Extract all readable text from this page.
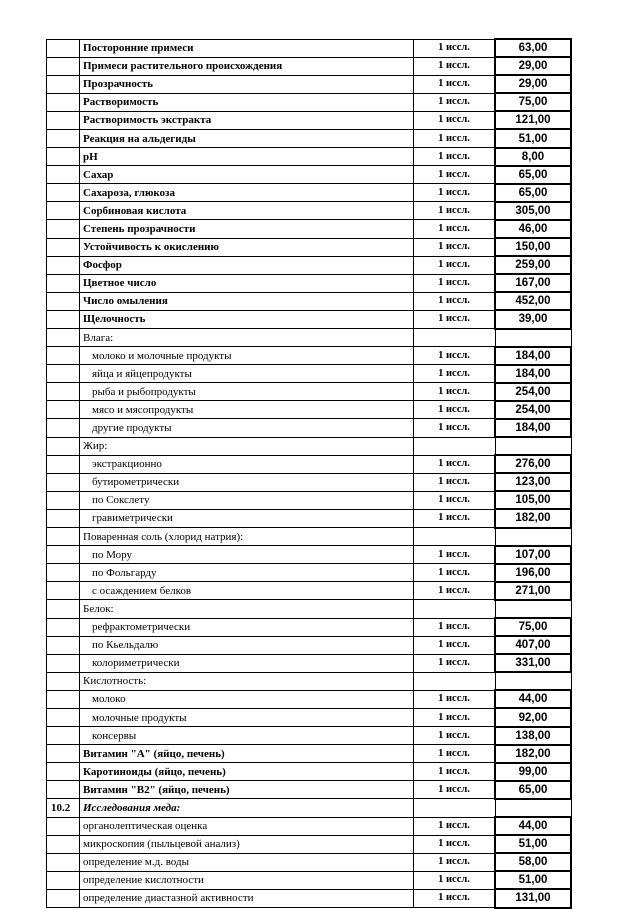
	Посторонние примеси	1 иссл.	63,00
	Примеси растительного происхождения	1 иссл.	29,00
	Прозрачность	1 иссл.	29,00
	Растворимость	1 иссл.	75,00
	Растворимость экстракта	1 иссл.	121,00
	Реакция на альдегиды	1 иссл.	51,00
	рН	1 иссл.	8,00
	Сахар	1 иссл.	65,00
	Сахароза, глюкоза	1 иссл.	65,00
	Сорбиновая кислота	1 иссл.	305,00
	Степень прозрачности	1 иссл.	46,00
	Устойчивость к окислению	1 иссл.	150,00
	Фосфор	1 иссл.	259,00
	Цветное число	1 иссл.	167,00
	Число омыления	1 иссл.	452,00
	Щелочность	1 иссл.	39,00
	Влага:		
	молоко и молочные продукты	1 иссл.	184,00
	яйца и яйцепродукты	1 иссл.	184,00
	рыба и рыбопродукты	1 иссл.	254,00
	мясо и мясопродукты	1 иссл.	254,00
	другие продукты	1 иссл.	184,00
	Жир:		
	экстракционно	1 иссл.	276,00
	бутирометрически	1 иссл.	123,00
	по Сокслету	1 иссл.	105,00
	гравиметрически	1 иссл.	182,00
	Поваренная соль (хлорид натрия):		
	по Мору	1 иссл.	107,00
	по Фольгарду	1 иссл.	196,00
	с осаждением белков	1 иссл.	271,00
	Белок:		
	рефрактометрически	1 иссл.	75,00
	по Кьельдалю	1 иссл.	407,00
	колориметрически	1 иссл.	331,00
	Кислотность:		
	молоко	1 иссл.	44,00
	молочные продукты	1 иссл.	92,00
	консервы	1 иссл.	138,00
	Витамин "А" (яйцо, печень)	1 иссл.	182,00
	Каротиноиды (яйцо, печень)	1 иссл.	99,00
	Витамин "В2" (яйцо, печень)	1 иссл.	65,00
10.2	Исследования меда:		
	органолептическая оценка	1 иссл.	44,00
	микроскопия (пыльцевой анализ)	1 иссл.	51,00
	определение м.д. воды	1 иссл.	58,00
	определение кислотности	1 иссл.	51,00
	определение диастазной активности	1 иссл.	131,00
